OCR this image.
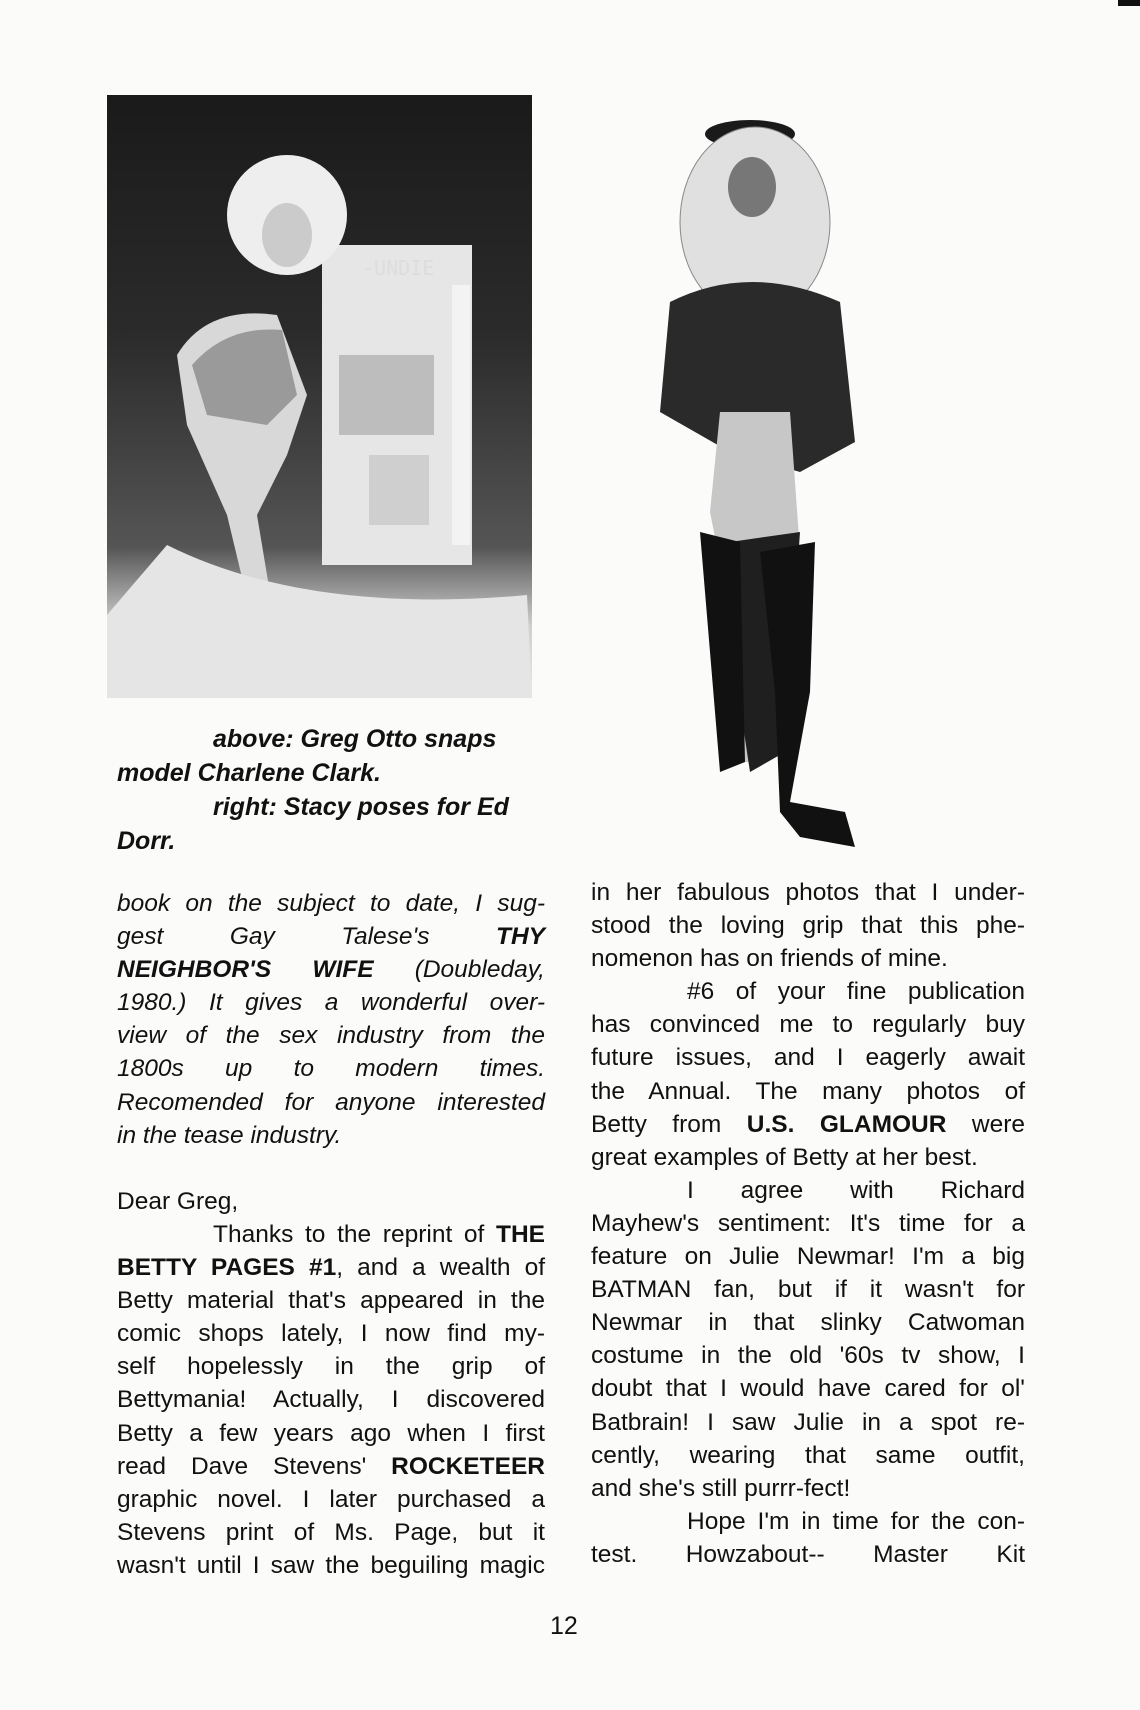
-UNDIE
above: Greg Otto snaps
model Charlene Clark.
right: Stacy poses for Ed
Dorr.
book on the subject to date, I sug-
gest Gay Talese's THY
NEIGHBOR'S WIFE (Doubleday,
1980.) It gives a wonderful over-
view of the sex industry from the
1800s up to modern times.
Recomended for anyone interested
in the tease industry.
Dear Greg,
Thanks to the reprint of THE
BETTY PAGES #1, and a wealth of
Betty material that's appeared in the
comic shops lately, I now find my-
self hopelessly in the grip of
Bettymania! Actually, I discovered
Betty a few years ago when I first
read Dave Stevens' ROCKETEER
graphic novel. I later purchased a
Stevens print of Ms. Page, but it
wasn't until I saw the beguiling magic
in her fabulous photos that I under-
stood the loving grip that this phe-
nomenon has on friends of mine.
#6 of your fine publication
has convinced me to regularly buy
future issues, and I eagerly await
the Annual. The many photos of
Betty from U.S. GLAMOUR were
great examples of Betty at her best.
I agree with Richard
Mayhew's sentiment: It's time for a
feature on Julie Newmar! I'm a big
BATMAN fan, but if it wasn't for
Newmar in that slinky Catwoman
costume in the old '60s tv show, I
doubt that I would have cared for ol'
Batbrain! I saw Julie in a spot re-
cently, wearing that same outfit,
and she's still purrr-fect!
Hope I'm in time for the con-
test. Howzabout-- Master Kit
12
